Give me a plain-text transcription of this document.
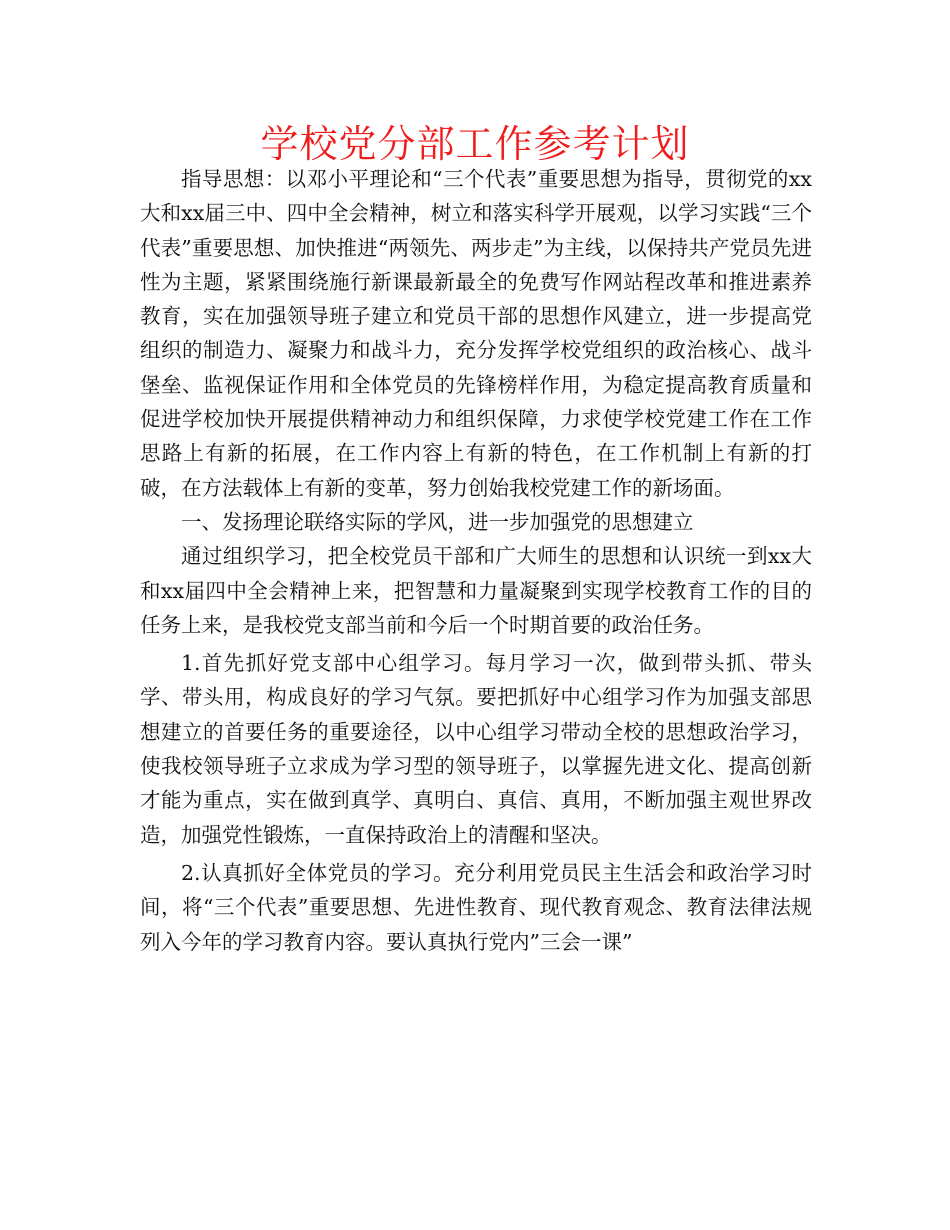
学校党分部工作参考计划

指导思想：以邓小平理论和“三个代表”重要思想为指导，贯彻党的xx大和xx届三中、四中全会精神，树立和落实科学开展观，以学习实践“三个代表”重要思想、加快推进“两领先、两步走”为主线，以保持共产党员先进性为主题，紧紧围绕施行新课最新最全的免费写作网站程改革和推进素养教育，实在加强领导班子建立和党员干部的思想作风建立，进一步提高党组织的制造力、凝聚力和战斗力，充分发挥学校党组织的政治核心、战斗堡垒、监视保证作用和全体党员的先锋榜样作用，为稳定提高教育质量和促进学校加快开展提供精神动力和组织保障，力求使学校党建工作在工作思路上有新的拓展，在工作内容上有新的特色，在工作机制上有新的打破，在方法载体上有新的变革，努力创始我校党建工作的新场面。

一、发扬理论联络实际的学风，进一步加强党的思想建立

通过组织学习，把全校党员干部和广大师生的思想和认识统一到xx大和xx届四中全会精神上来，把智慧和力量凝聚到实现学校教育工作的目的任务上来，是我校党支部当前和今后一个时期首要的政治任务。

1.首先抓好党支部中心组学习。每月学习一次，做到带头抓、带头学、带头用，构成良好的学习气氛。要把抓好中心组学习作为加强支部思想建立的首要任务的重要途径，以中心组学习带动全校的思想政治学习，使我校领导班子立求成为学习型的领导班子，以掌握先进文化、提高创新才能为重点，实在做到真学、真明白、真信、真用，不断加强主观世界改造，加强党性锻炼，一直保持政治上的清醒和坚决。

2.认真抓好全体党员的学习。充分利用党员民主生活会和政治学习时间，将“三个代表”重要思想、先进性教育、现代教育观念、教育法律法规列入今年的学习教育内容。要认真执行党内”三会一课”
